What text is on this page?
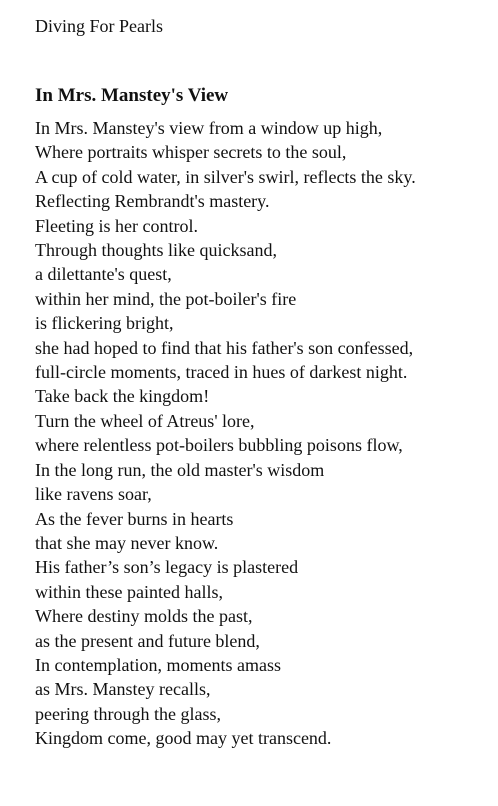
Diving For Pearls
In Mrs. Manstey's View
In Mrs. Manstey's view from a window up high,
Where portraits whisper secrets to the soul,
A cup of cold water, in silver's swirl, reflects the sky.
Reflecting Rembrandt's mastery.
Fleeting is her control.
Through thoughts like quicksand,
a dilettante's quest,
within her mind, the pot-boiler's fire
is flickering bright,
she had hoped to find that his father's son confessed,
full-circle moments, traced in hues of darkest night.
Take back the kingdom!
Turn the wheel of Atreus' lore,
where relentless pot-boilers bubbling poisons flow,
In the long run, the old master's wisdom
like ravens soar,
As the fever burns in hearts
that she may never know.
His father’s son’s legacy is plastered
within these painted halls,
Where destiny molds the past,
as the present and future blend,
In contemplation, moments amass
as Mrs. Manstey recalls,
peering through the glass,
Kingdom come, good may yet transcend.
